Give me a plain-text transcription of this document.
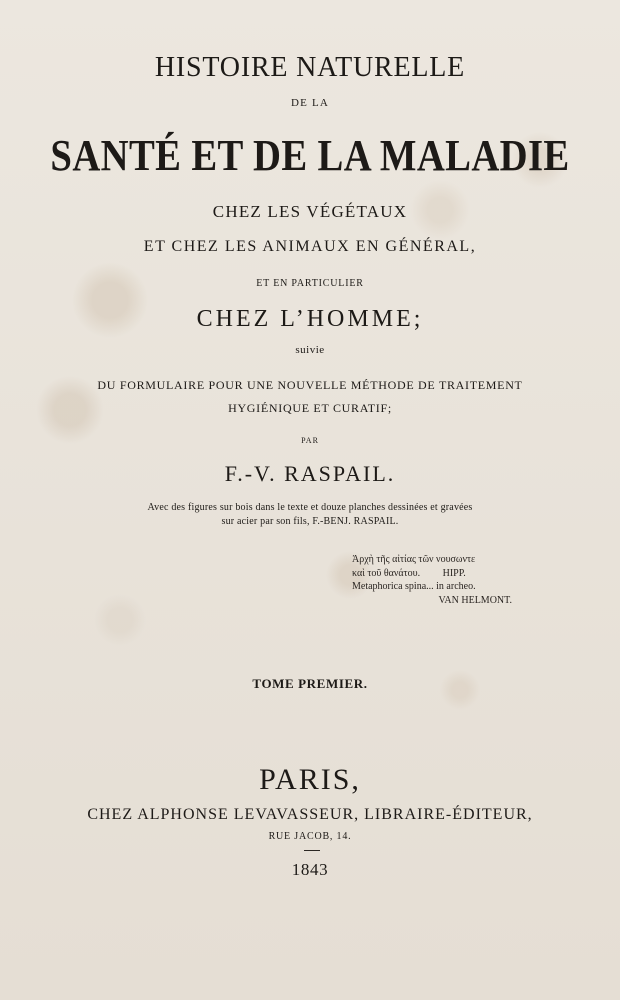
HISTOIRE NATURELLE
DE LA
SANTÉ ET DE LA MALADIE
CHEZ LES VÉGÉTAUX
ET CHEZ LES ANIMAUX EN GÉNÉRAL,
ET EN PARTICULIER
CHEZ L’HOMME;
suivie
DU FORMULAIRE POUR UNE NOUVELLE MÉTHODE DE TRAITEMENT
HYGIÉNIQUE ET CURATIF;
PAR
F.-V. RASPAIL.
Avec des figures sur bois dans le texte et douze planches dessinées et gravées
sur acier par son fils, F.-BENJ. RASPAIL.
Ἀρχὴ τῆς αἰτίας τῶν νουσωντε
καὶ τοῦ θανάτου. HIPP.
Metaphorica spina... in archeo.
VAN HELMONT.
TOME PREMIER.
PARIS,
CHEZ ALPHONSE LEVAVASSEUR, LIBRAIRE-ÉDITEUR,
RUE JACOB, 14.
1843
